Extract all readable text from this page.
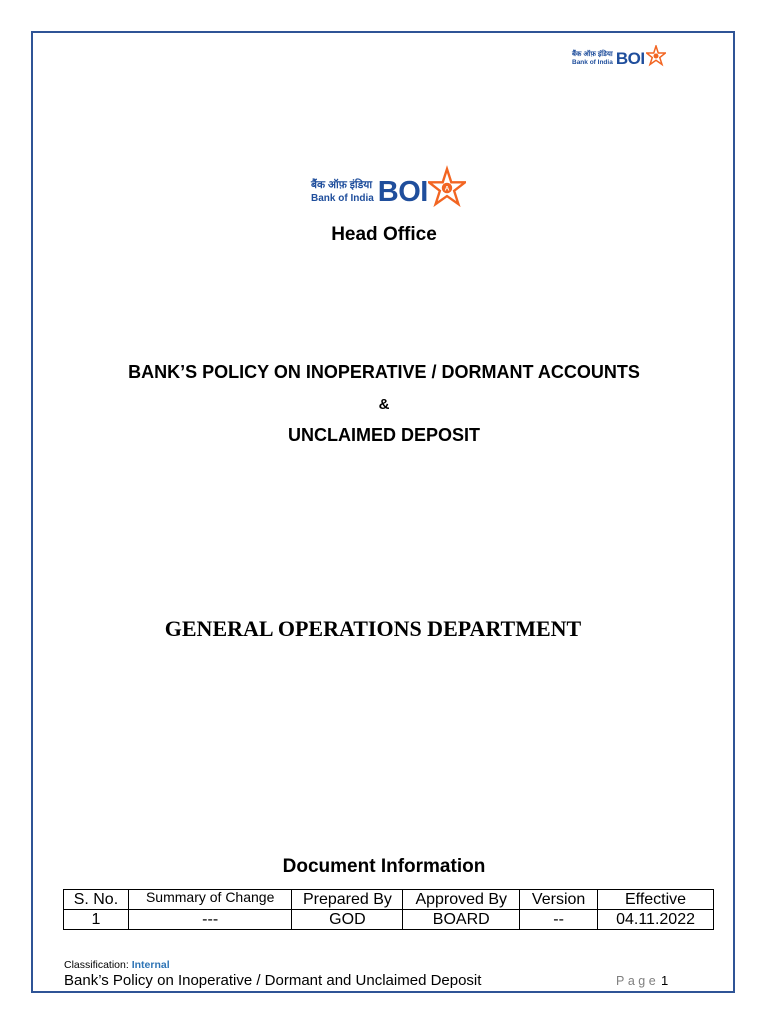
बैंक ऑफ़ इंडिया
Bank of India BOI
बैंक ऑफ़ इंडिया
Bank of India BOI A
Head Office
BANK’S POLICY ON INOPERATIVE / DORMANT ACCOUNTS
&
UNCLAIMED DEPOSIT
GENERAL OPERATIONS DEPARTMENT
Document Information
S. No.	Summary of Change	Prepared By	Approved By	Version	Effective
1	---	GOD	BOARD	--	04.11.2022
Classification: Internal
Bank’s Policy on Inoperative / Dormant and Unclaimed Deposit	Page 1
